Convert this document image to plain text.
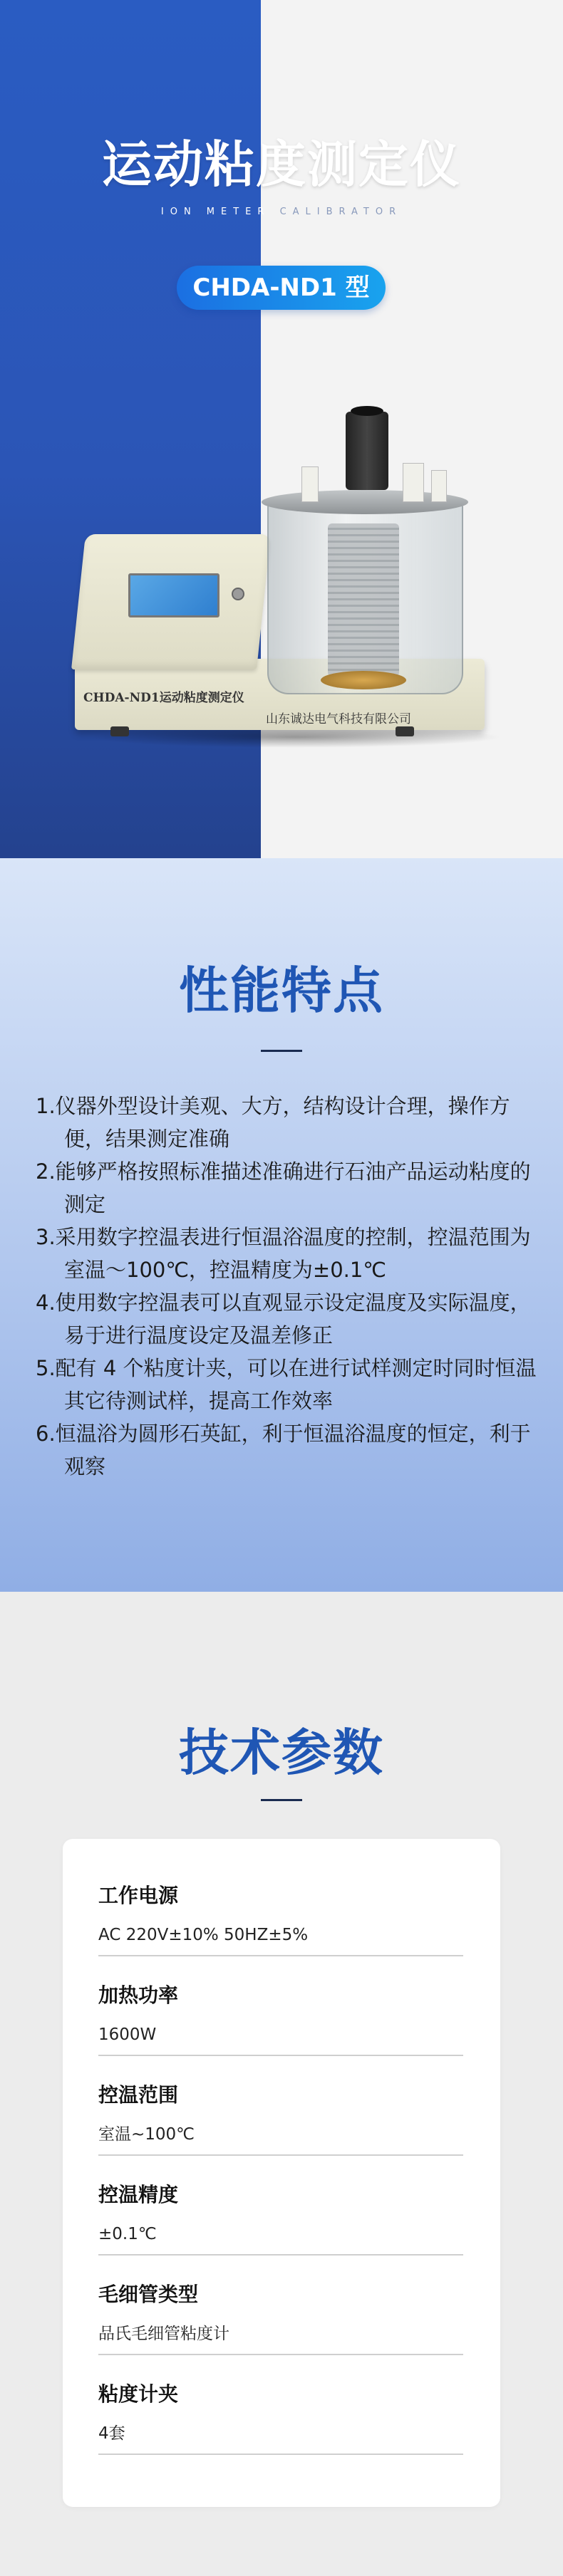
运动粘度测定仪
ION METER CALIBRATOR
CHDA-ND1 型
CHDA-ND1运动粘度测定仪
山东诚达电气科技有限公司
性能特点
1.仪器外型设计美观、大方，结构设计合理，操作方便，结果测定准确
2.能够严格按照标准描述准确进行石油产品运动粘度的测定
3.采用数字控温表进行恒温浴温度的控制，控温范围为室温～100℃，控温精度为±0.1℃
4.使用数字控温表可以直观显示设定温度及实际温度，易于进行温度设定及温差修正
5.配有 4 个粘度计夹，可以在进行试样测定时同时恒温其它待测试样，提高工作效率
6.恒温浴为圆形石英缸，利于恒温浴温度的恒定，利于观察
技术参数
工作电源
AC 220V±10% 50HZ±5%
加热功率
1600W
控温范围
室温~100℃
控温精度
±0.1℃
毛细管类型
品氏毛细管粘度计
粘度计夹
4套
